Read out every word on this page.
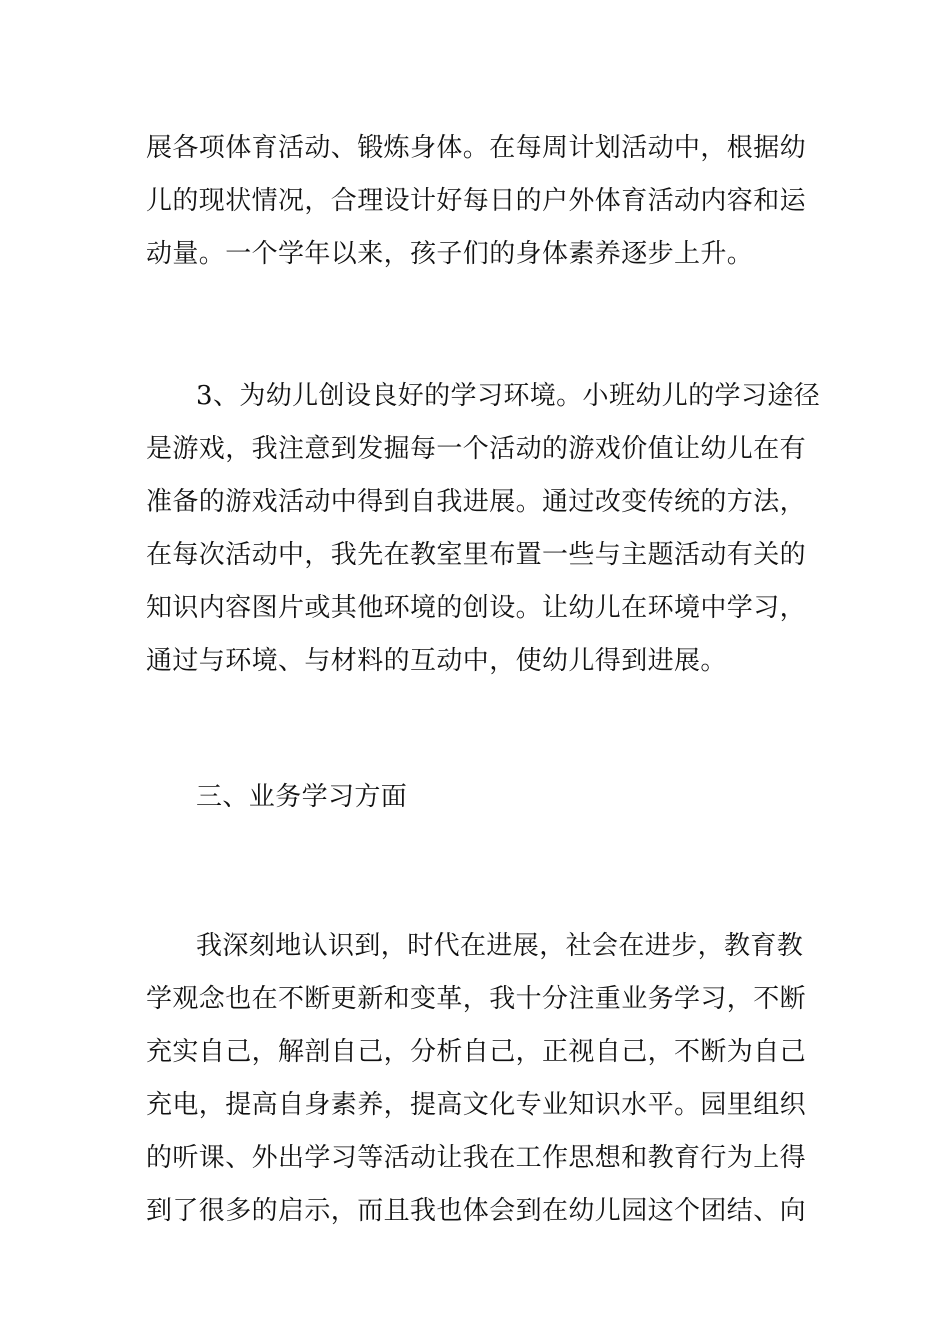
展各项体育活动、锻炼身体。在每周计划活动中，根据幼
儿的现状情况，合理设计好每日的户外体育活动内容和运
动量。一个学年以来，孩子们的身体素养逐步上升。
3、为幼儿创设良好的学习环境。小班幼儿的学习途径
是游戏，我注意到发掘每一个活动的游戏价值让幼儿在有
准备的游戏活动中得到自我进展。通过改变传统的方法，
在每次活动中，我先在教室里布置一些与主题活动有关的
知识内容图片或其他环境的创设。让幼儿在环境中学习，
通过与环境、与材料的互动中，使幼儿得到进展。
三、业务学习方面
我深刻地认识到，时代在进展，社会在进步，教育教
学观念也在不断更新和变革，我十分注重业务学习，不断
充实自己，解剖自己，分析自己，正视自己，不断为自己
充电，提高自身素养，提高文化专业知识水平。园里组织
的听课、外出学习等活动让我在工作思想和教育行为上得
到了很多的启示，而且我也体会到在幼儿园这个团结、向
